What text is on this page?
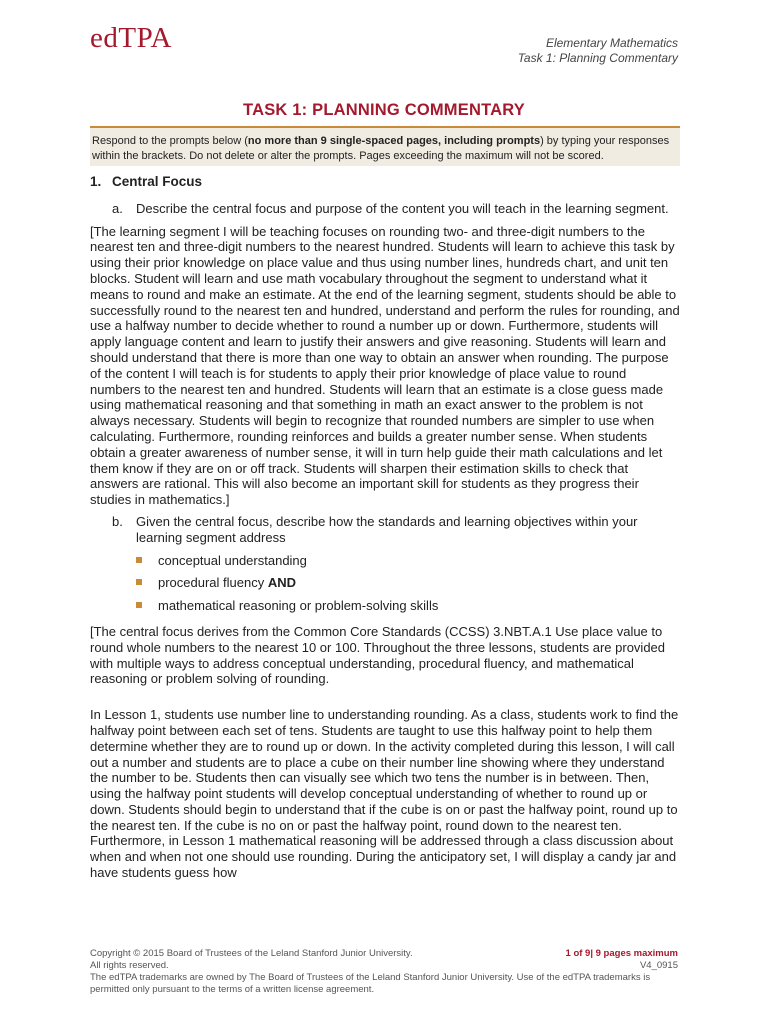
edTPA	Elementary Mathematics
Task 1: Planning Commentary
TASK 1: PLANNING COMMENTARY
Respond to the prompts below (no more than 9 single-spaced pages, including prompts) by typing your responses within the brackets. Do not delete or alter the prompts. Pages exceeding the maximum will not be scored.
1. Central Focus
a. Describe the central focus and purpose of the content you will teach in the learning segment.

[The learning segment I will be teaching focuses on rounding two- and three-digit numbers to the nearest ten and three-digit numbers to the nearest hundred. Students will learn to achieve this task by using their prior knowledge on place value and thus using number lines, hundreds chart, and unit ten blocks. Student will learn and use math vocabulary throughout the segment to understand what it means to round and make an estimate. At the end of the learning segment, students should be able to successfully round to the nearest ten and hundred, understand and perform the rules for rounding, and use a halfway number to decide whether to round a number up or down. Furthermore, students will apply language content and learn to justify their answers and give reasoning. Students will learn and should understand that there is more than one way to obtain an answer when rounding. The purpose of the content I will teach is for students to apply their prior knowledge of place value to round numbers to the nearest ten and hundred. Students will learn that an estimate is a close guess made using mathematical reasoning and that something in math an exact answer to the problem is not always necessary. Students will begin to recognize that rounded numbers are simpler to use when calculating. Furthermore, rounding reinforces and builds a greater number sense. When students obtain a greater awareness of number sense, it will in turn help guide their math calculations and let them know if they are on or off track. Students will sharpen their estimation skills to check that answers are rational. This will also become an important skill for students as they progress their studies in mathematics.]

b. Given the central focus, describe how the standards and learning objectives within your learning segment address
conceptual understanding
procedural fluency AND
mathematical reasoning or problem-solving skills

[The central focus derives from the Common Core Standards (CCSS) 3.NBT.A.1 Use place value to round whole numbers to the nearest 10 or 100. Throughout the three lessons, students are provided with multiple ways to address conceptual understanding, procedural fluency, and mathematical reasoning or problem solving of rounding.

In Lesson 1, students use number line to understanding rounding. As a class, students work to find the halfway point between each set of tens. Students are taught to use this halfway point to help them determine whether they are to round up or down. In the activity completed during this lesson, I will call out a number and students are to place a cube on their number line showing where they understand the number to be. Students then can visually see which two tens the number is in between. Then, using the halfway point students will develop conceptual understanding of whether to round up or down. Students should begin to understand that if the cube is on or past the halfway point, round up to the nearest ten. If the cube is no on or past the halfway point, round down to the nearest ten. Furthermore, in Lesson 1 mathematical reasoning will be addressed through a class discussion about when and when not one should use rounding. During the anticipatory set, I will display a candy jar and have students guess how

Copyright © 2015 Board of Trustees of the Leland Stanford Junior University.
All rights reserved.
1 of 9| 9 pages maximum
V4_0915
The edTPA trademarks are owned by The Board of Trustees of the Leland Stanford Junior University. Use of the edTPA trademarks is permitted only pursuant to the terms of a written license agreement.
